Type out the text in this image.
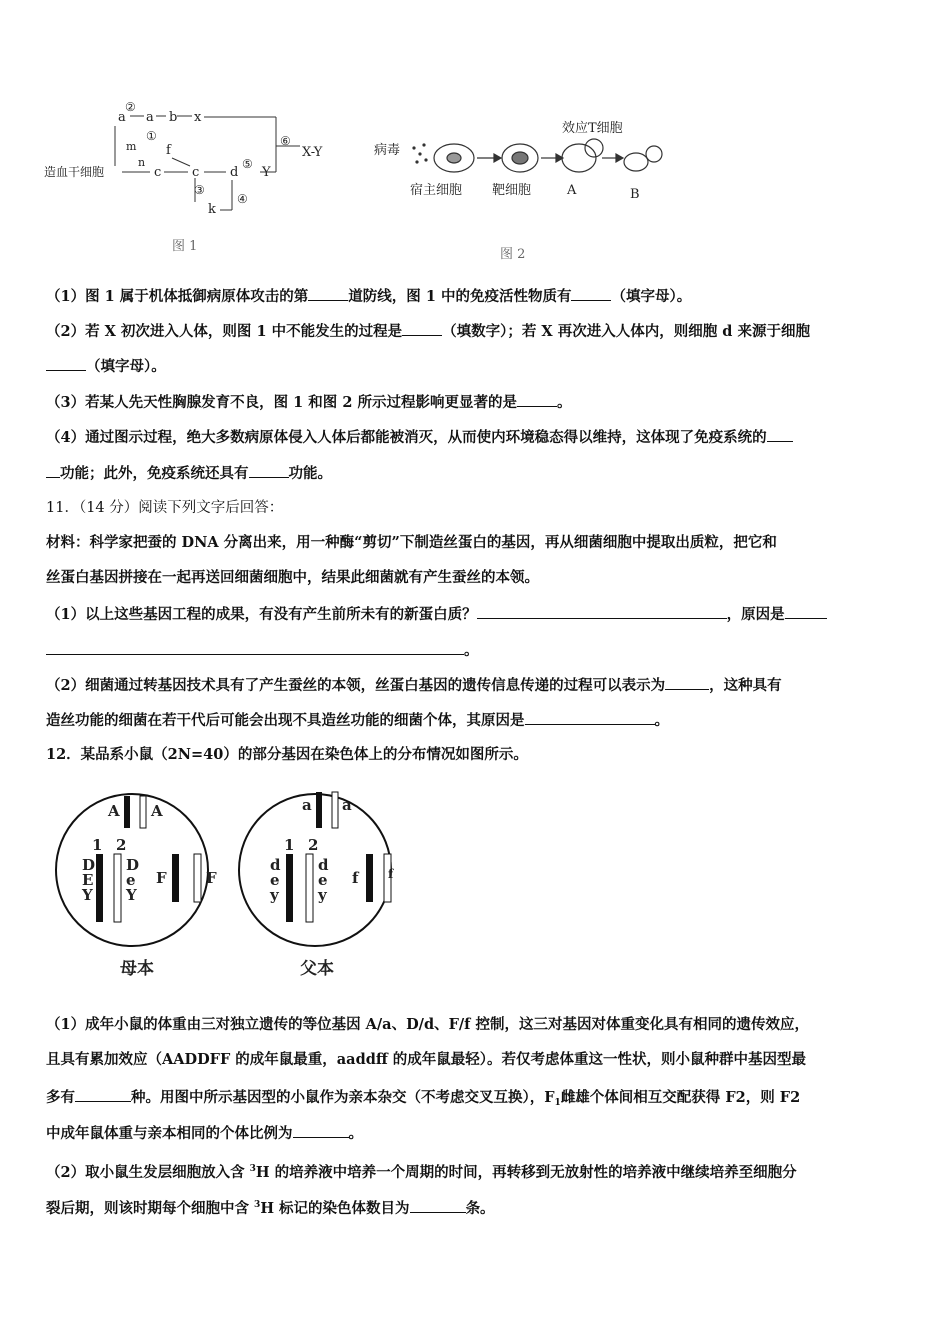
造血干细胞
a a b x
f
c c d Y
k
m
n
X-Y
②
①
③
④
⑤
⑥
图 1
病毒
效应T细胞
宿主细胞 靶细胞	A	B
图 2
（1）图 1 属于机体抵御病原体攻击的第	道防线，图 1 中的免疫活性物质有	（填字母）。
（2）若 X 初次进入人体，则图 1 中不能发生的过程是	（填数字）；若 X 再次进入人体内，则细胞 d 来源于细胞
（填字母）。
（3）若某人先天性胸腺发育不良，图 1 和图 2 所示过程影响更显著的是	。
（4）通过图示过程，绝大多数病原体侵入人体后都能被消灭，从而使内环境稳态得以维持，这体现了免疫系统的
功能；此外，免疫系统还具有	功能。
11．（14 分）阅读下列文字后回答：
材料：科学家把蚕的 DNA 分离出来，用一种酶“剪切”下制造丝蛋白的基因，再从细菌细胞中提取出质粒，把它和
丝蛋白基因拼接在一起再送回细菌细胞中，结果此细菌就有产生蚕丝的本领。
（1）以上这些基因工程的成果，有没有产生前所未有的新蛋白质？	，原因是
。
（2）细菌通过转基因技术具有了产生蚕丝的本领，丝蛋白基因的遗传信息传递的过程可以表示为	，这种具有
造丝功能的细菌在若干代后可能会出现不具造丝功能的细菌个体，其原因是	。
12．某品系小鼠（2N=40）的部分基因在染色体上的分布情况如图所示。
A A
1 2
D
E
Y
D
e
Y
F	F
a a
1 2
d
e
y
d
e
y
f f
母本	父本
（1）成年小鼠的体重由三对独立遗传的等位基因 A/a、D/d、F/f 控制，这三对基因对体重变化具有相同的遗传效应，
且具有累加效应（AADDFF 的成年鼠最重，aaddff 的成年鼠最轻）。若仅考虑体重这一性状，则小鼠种群中基因型最
多有	种。用图中所示基因型的小鼠作为亲本杂交（不考虑交叉互换），$F_1$雌雄个体间相互交配获得 F2，则 F2
中成年鼠体重与亲本相同的个体比例为	。
（2）取小鼠生发层细胞放入含 $^3$H 的培养液中培养一个周期的时间，再转移到无放射性的培养液中继续培养至细胞分
裂后期，则该时期每个细胞中含 $^3$H 标记的染色体数目为	条。
